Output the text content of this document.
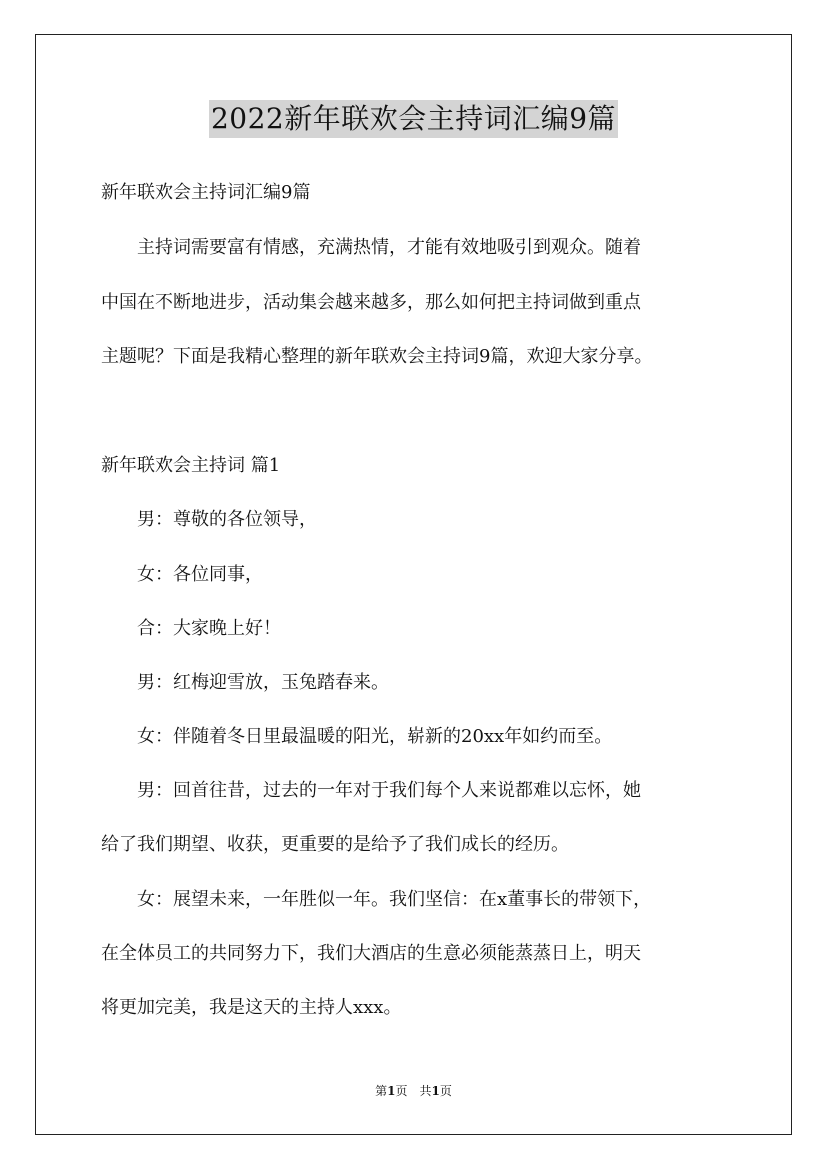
2022新年联欢会主持词汇编9篇
新年联欢会主持词汇编9篇
　　主持词需要富有情感，充满热情，才能有效地吸引到观众。随着
中国在不断地进步，活动集会越来越多，那么如何把主持词做到重点
主题呢？下面是我精心整理的新年联欢会主持词9篇，欢迎大家分享。
新年联欢会主持词 篇1
　　男：尊敬的各位领导，
　　女：各位同事，
　　合：大家晚上好！
　　男：红梅迎雪放，玉兔踏春来。
　　女：伴随着冬日里最温暖的阳光，崭新的20xx年如约而至。
　　男：回首往昔，过去的一年对于我们每个人来说都难以忘怀，她
给了我们期望、收获，更重要的是给予了我们成长的经历。
　　女：展望未来，一年胜似一年。我们坚信：在x董事长的带领下，
在全体员工的共同努力下，我们大酒店的生意必须能蒸蒸日上，明天
将更加完美，我是这天的主持人xxx。
第1页　共1页
